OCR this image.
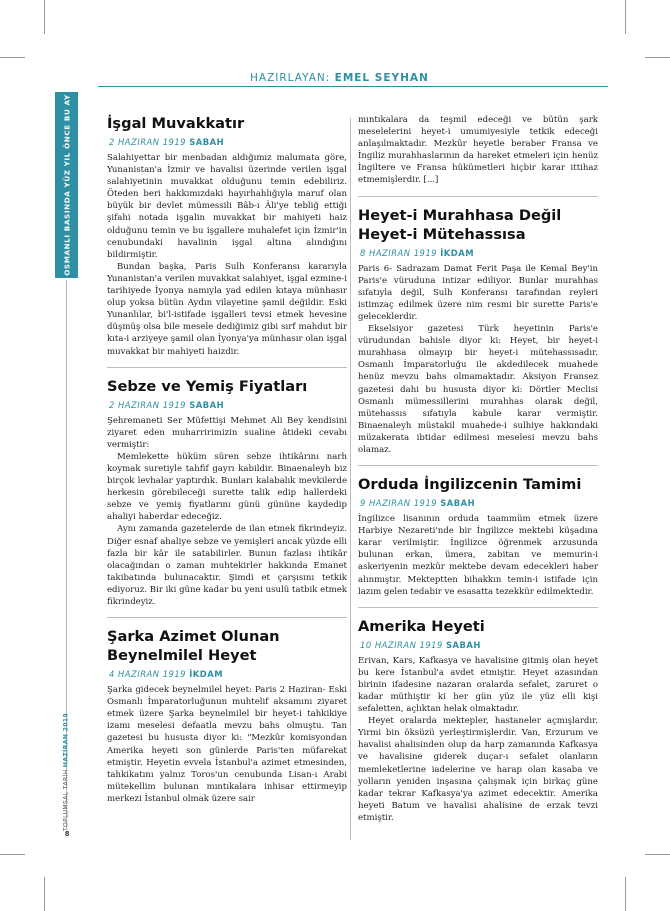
OSMANLI BASINDA YÜZ YIL ÖNCE BU AY
TOPLUMSAL TARİH HAZİRAN 2019
8
HAZIRLAYAN: EMEL SEYHAN
İşgal Muvakkatır
2 HAZIRAN 1919 SABAH

Salahiyettar bir menbadan aldığımız malumata göre, Yunanistan'a İzmir ve havalisi üzerinde verilen işgal salahiyetinin muvakkat olduğunu temin edebiliriz. Öteden beri hakkımızdaki hayırhahlığıyla maruf olan büyük bir devlet mümessili Bâb-ı Âli'ye tebliğ ettiği şifahi notada işgalin muvakkat bir mahiyeti haiz olduğunu temin ve bu işgallere muhalefet için İzmir'in cenubundaki havalinin işgal altına alındığını bildirmiştir.

Bundan başka, Paris Sulh Konferansı kararıyla Yunanistan'a verilen muvakkat salahiyet, işgal ezmine-i tarihiyede İyonya namıyla yad edilen kıtaya münhasır olup yoksa bütün Aydın vilayetine şamil değildir. Eski Yunanlılar, bi'l-istifade işgalleri tevsi etmek hevesine düşmüş olsa bile mesele dediğimiz gibi sırf mahdut bir kıta-i arziyeye şamil olan İyonya'ya münhasır olan işgal muvakkat bir mahiyeti haizdir.

Sebze ve Yemiş Fiyatları
2 HAZIRAN 1919 SABAH

Şehremaneti Ser Müfettişi Mehmet Ali Bey kendisini ziyaret eden muharririmizin sualine âtideki cevabı vermiştir:

Memlekette hüküm süren sebze ihtikârını narh koymak suretiyle tahfif gayrı kabildir. Binaenaleyh biz birçok levhalar yaptırdık. Bunları kalabalık mevkilerde herkesin görebileceği surette talik edip hallerdeki sebze ve yemiş fiyatlarını günü gününe kaydedip ahaliyi haberdar edeceğiz.

Aynı zamanda gazetelerde de ilan etmek fikrindeyiz. Diğer esnaf ahaliye sebze ve yemişleri ancak yüzde elli fazla bir kâr ile satabilirler. Bunun fazlası ihtikâr olacağından o zaman muhtekirler hakkında Emanet takibatında bulunacaktır. Şimdi et çarşısını tetkik ediyoruz. Bir iki güne kadar bu yeni usulü tatbik etmek fikrindeyiz.

Şarka Azimet Olunan Beynelmilel Heyet
4 HAZIRAN 1919 İKDAM

Şarka gidecek beynelmilel heyet: Paris 2 Haziran- Eski Osmanlı İmparatorluğunun muhtelif aksamını ziyaret etmek üzere Şarka beynelmilel bir heyet-i tahkikiye izamı meselesi defaatla mevzu bahs olmuştu. Tan gazetesi bu hususta diyor ki: "Mezkûr komisyondan Amerika heyeti son günlerde Paris'ten müfarekat etmiştir. Heyetin evvela İstanbul'a azimet etmesinden, tahkikatını yalnız Toros'un cenubunda Lisan-ı Arabi mütekellim bulunan mıntıkalara inhisar ettirmeyip merkezi İstanbul olmak üzere sair

mıntıkalara da teşmil edeceği ve bütün şark meselelerini heyet-i umumiyesiyle tetkik edeceği anlaşılmaktadır. Mezkûr heyetle beraber Fransa ve İngiliz murahhaslarının da hareket etmeleri için henüz İngiltere ve Fransa hükümetleri hiçbir karar ittihaz etmemişlerdir. [...]

Heyet-i Murahhasa Değil Heyet-i Mütehassısa
8 HAZIRAN 1919 İKDAM

Paris 6- Sadrazam Damat Ferit Paşa ile Kemal Bey'in Paris'e vüruduna intizar ediliyor. Bunlar murahhas sıfatıyla değil, Sulh Konferansı tarafından reyleri istimzaç edilmek üzere nim resmi bir surette Paris'e geleceklerdir.

Ekselsiyor gazetesi Türk heyetinin Paris'e vürudundan bahisle diyor ki: Heyet, bir heyet-i murahhasa olmayıp bir heyet-i mütehassısadır. Osmanlı İmparatorluğu ile akdedilecek muahede henüz mevzu bahs olmamaktadır. Aksiyon Fransez gazetesi dahi bu hususta diyor ki: Dörtler Meclisi Osmanlı mümessillerini murahhas olarak değil, mütehassıs sıfatıyla kabule karar vermiştir. Binaenaleyh müstakil muahede-i sulhiye hakkındaki müzakerata ibtidar edilmesi meselesi mevzu bahs olamaz.

Orduda İngilizcenin Tamimi
9 HAZIRAN 1919 SABAH

İngilizce lisanının orduda taammüm etmek üzere Harbiye Nezareti'nde bir İngilizce mektebi küşadına karar verilmiştir. İngilizce öğrenmek arzusunda bulunan erkan, ümera, zabitan ve memurin-i askeriyenin mezkûr mektebe devam edecekleri haber alınmıştır. Mekteptten bihakkın temin-i istifade için lazım gelen tedabir ve esasatta tezekkür edilmektedir.

Amerika Heyeti
10 HAZIRAN 1919 SABAH

Erivan, Kars, Kafkasya ve havalisine gitmiş olan heyet bu kere İstanbul'a avdet etmiştir. Heyet azasından birinin ifadesine nazaran oralarda sefalet, zaruret o kadar müthiştir ki her gün yüz ile yüz elli kişi sefaletten, açlıktan helak olmaktadır.

Heyet oralarda mektepler, hastaneler açmışlardır. Yirmi bin öksüzü yerleştirmişlerdir. Van, Erzurum ve havalisi ahalisinden olup da harp zamanında Kafkasya ve havalisine giderek duçar-ı sefalet olanların memleketlerine iadelerine ve harap olan kasaba ve yolların yeniden inşasına çalışmak için birkaç güne kadar tekrar Kafkasya'ya azimet edecektir. Amerika heyeti Batum ve havalisi ahalisine de erzak tevzi etmiştir.
